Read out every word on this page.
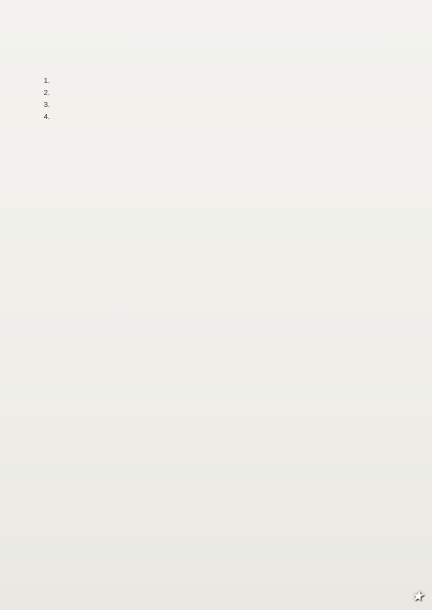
1.
2.
3.
4.

★
